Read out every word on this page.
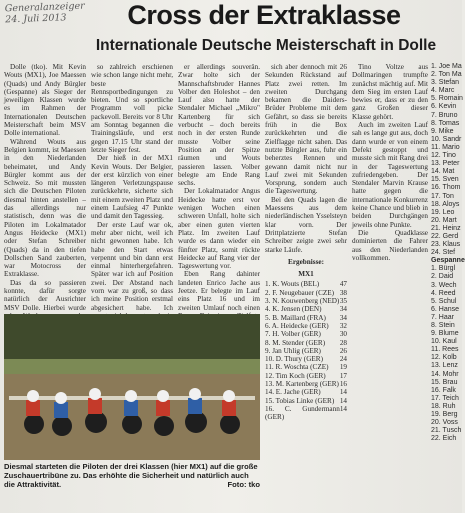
Generalanzeiger
24. Juli 2013	Cross der Extraklasse
Internationale Deutsche Meisterschaft in Dolle

Dolle (tko). Mit Kevin Wouts (MX1), Joe Maessen (Quads) und Andy Bürgler (Gespanne) als Sieger der jeweiligen Klassen wurde es im Rahmen der Internationalen Deutschen Meisterschaft beim MSV Dolle international.

Während Wouts aus Belgien kommt, ist Maessen in den Niederlanden beheimatet, und Andy Bürgler kommt aus der Schweiz. So mit mussten sich die Deutschen Piloten diesmal hinten anstellen – das allerdings nur statistisch, denn was die Piloten im Lokalmatador Angus Heidecke (MX1) oder Stefan Schreiber (Quads) da in den tiefen Dollschen Sand zauberten, war Motocross der Extraklasse.

Das da so passieren konnte, dafür sorgte natürlich der Ausrichter MSV Dolle. Hierbei wurde

so zahlreich erschienen wie schon lange nicht mehr, beste Rennsportbedingungen zu bieten. Und so sportliche Programm voll picke packevoll. Bereits vor 8 Uhr am Sonntag begannen die Trainingsläufe, und erst gegen 17.15 Uhr stand der letzte Sieger fest.

Der hieß in der MX1 Kevin Wouts. Der Belgier, der erst kürzlich von einer längeren Verletzungspause zurückkehrte, sicherte sich mit einem zweiten Platz und einem Laufsieg 47 Punkte und damit den Tagessieg.

Der erste Lauf war ok, mehr aber nicht, weil ich nicht gewonnen habe. Ich habe den Start etwas verpennt und bin dann erst einmal hinterhergefahren. Später war ich auf Position zwei. Der Abstand nach vorn war zu groß, so dass ich meine Position erstmal abgesichert habe. Ich

er allerdings souverän. Zwar holte sich der Mannschaftsbruder Hannes Volber den Holeshot – den Lauf also hatte der Stendaler Michael „Mikro" Kartenberg für sich verbucht – doch bereits noch in der ersten Runde musste Volber seine Position an der Spitze räumen und Wouts passieren lassen. Volber belegte am Ende Rang sechs.

Der Lokalmatador Angus Heidecke hatte erst vor wenigen Wochen einen schweren Unfall, holte sich aber einen guten vierten Platz. Im zweiten Lauf wurde es dann wieder ein fünfter Platz, somit rückte Heidecke auf Rang vier der Tageswertung vor.

Eben Rang dahinter landeten Enrico Jache aus Jeetze. Er belegte im Lauf eins Platz 16 und im zweiten Umlauf noch einen

sich aber dennoch mit 26 Sekunden Rückstand auf Platz zwei retten. Im zweiten Durchgang bekamen die Daiders-Brüder Probleme mit dem Gefährt, so dass sie bereits früh in die Box zurückkehrten und die Zielflagge nicht sahen. Das nutzte Bürgler aus, fuhr ein beherztes Rennen und gewann damit nicht nur Lauf zwei mit Sekunden Vorsprung, sondern auch die Tageswertung.

Bei den Quads lagen die Maessens aus dem niederländischen Ysselsteyn klar vorn. Der Drittplatzierte Stefan Schreiber zeigte zwei sehr starke Läufe.

Ergebnisse:
MX1
1. K. Wouts (BEL)	47
2. F. Neugebauer (CZE) 38
3. N. Kouwenberg (NED) 35
4. K. Jensen (DEN)	34
5. B. Maillard (FRA) 34
6. A. Heidecke (GER) 32
7. H. Volber (GER)	30
8. M. Stender (GER) 28
9. Jan Uhlig (GER)	26
10. D. Thury (GER) 24
11. R. Woschta (CZE) 19
12. Tim Koch (GER) 17
13. M. Kartenberg (GER) 16
14. E. Jache (GER)	14
15. Tobias Linke (GER) 14
16. C. Gundermann (GER)
14

Tino Voltze aus Dollmaringen trumpfte zunächst mächtig auf. Mit dem Sieg im ersten Lauf bewies er, dass er zu den ganz Großen dieser Klasse gehört.

Auch im zweiten Lauf sah es lange gut aus, doch dann wurde er von einem Defekt gestoppt und musste sich mit Rang drei in der Tageswertung zufriedengeben. Der Stendaler Marvin Krause hatte gegen die internationale Konkurrenz keine Chance und blieb in beiden Durchgängen jeweils ohne Punkte.

Die Quadklasse dominierten die Fahrer aus den Niederlanden vollkommen.

Diesmal starteten die Piloten der drei Klassen (hier MX1) auf die große Zuschauertribüne zu. Das erhöhte die Sicherheit und natürlich auch die Attraktivität.	Foto: tko
1. Joe Ma
2. Ton Ma
3. Stefan
4. Marc
5. Romain
6. Kevin
7. Bruno
8. Tomas
9. Mike
10. Sandr
11. Mario
12. Tino
13. Peter
14. Mat
15. Sven
16. Thom
17. Ton
18. Aloys
19. Leo
20. Mart
21. Heinz
22. Gerd
23. Klaus
24. Stef
Gespanne
1. Bürgl
2. Daid
3. Wech
4. Reed
5. Schul
6. Hanse
7. Haar
8. Stein
9. Blume
10. Kaul
11. Rees
12. Kolb
13. Lenz
14. Mohr
15. Brau
16. Falk
17. Teich
18. Ruh
19. Berg
20. Voss
21. Tusch
22. Eich
